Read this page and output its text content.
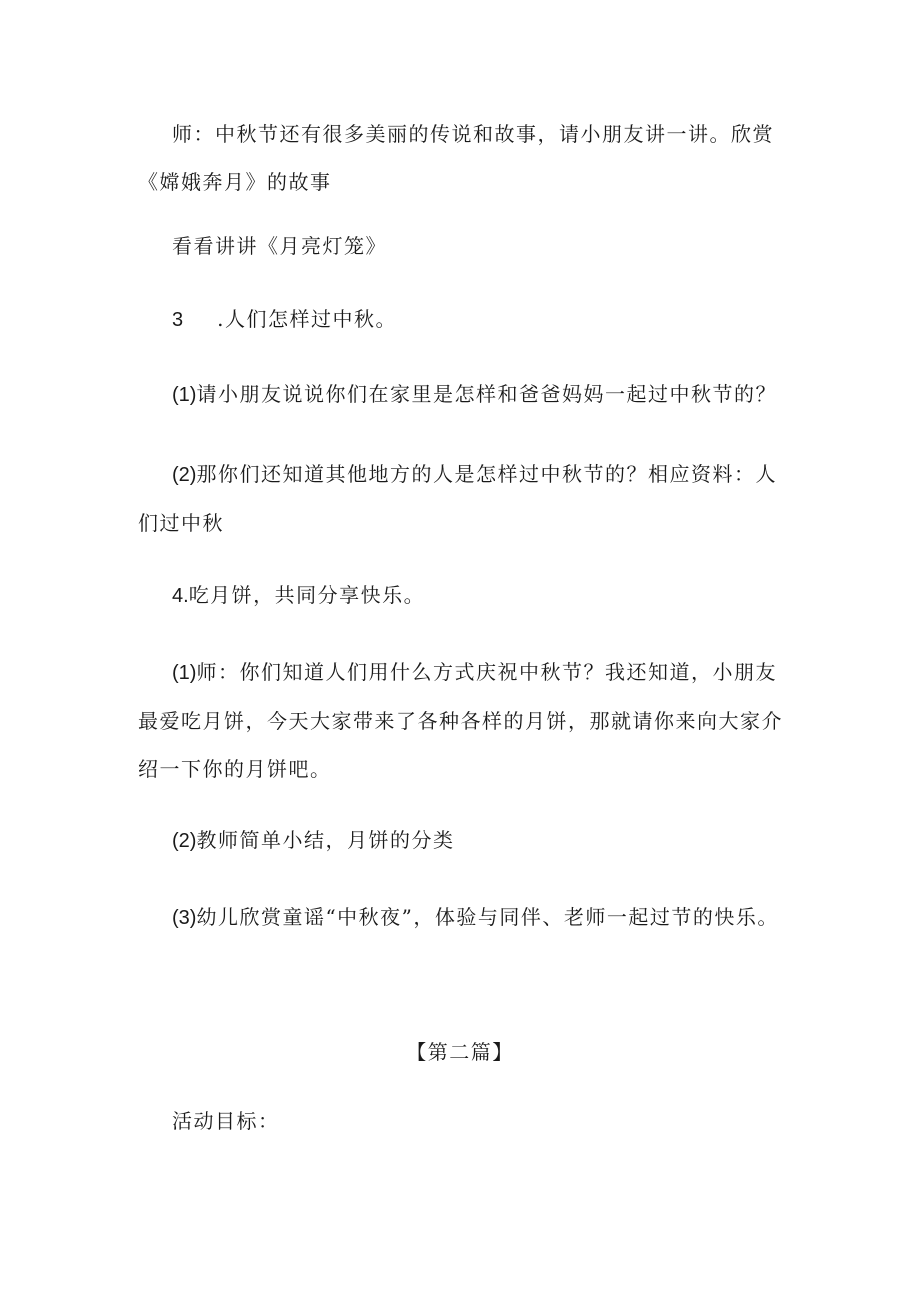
师：中秋节还有很多美丽的传说和故事，请小朋友讲一讲。欣赏《嫦娥奔月》的故事
看看讲讲《月亮灯笼》
3 .人们怎样过中秋。
(1)请小朋友说说你们在家里是怎样和爸爸妈妈一起过中秋节的？
(2)那你们还知道其他地方的人是怎样过中秋节的？相应资料：人们过中秋
4.吃月饼，共同分享快乐。
(1)师：你们知道人们用什么方式庆祝中秋节？我还知道，小朋友最爱吃月饼，今天大家带来了各种各样的月饼，那就请你来向大家介绍一下你的月饼吧。
(2)教师简单小结，月饼的分类
(3)幼儿欣赏童谣“中秋夜”，体验与同伴、老师一起过节的快乐。
【第二篇】
活动目标：
